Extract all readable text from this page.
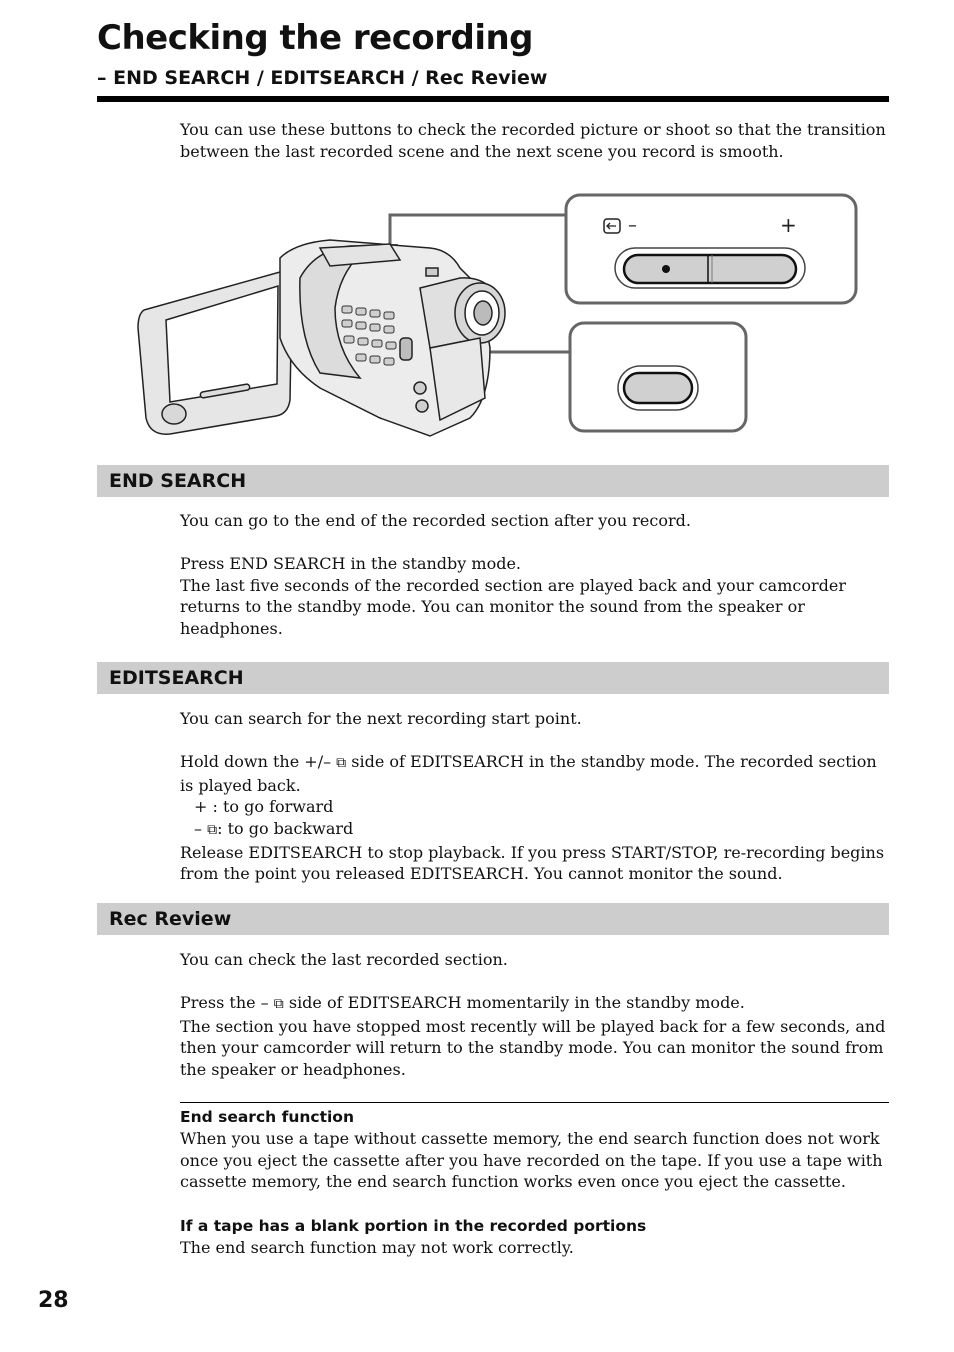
Checking the recording
– END SEARCH / EDITSEARCH / Rec Review

You can use these buttons to check the recorded picture or shoot so that the transition between the last recorded scene and the next scene you record is smooth.

–	+
END SEARCH

You can go to the end of the recorded section after you record.

Press END SEARCH in the standby mode.

The last five seconds of the recorded section are played back and your camcorder returns to the standby mode. You can monitor the sound from the speaker or headphones.

EDITSEARCH

You can search for the next recording start point.

Hold down the +/– ⧉ side of EDITSEARCH in the standby mode. The recorded section is played back.

+ : to go forward

– ⧉: to go backward

Release EDITSEARCH to stop playback. If you press START/STOP, re-recording begins from the point you released EDITSEARCH. You cannot monitor the sound.

Rec Review

You can check the last recorded section.

Press the – ⧉ side of EDITSEARCH momentarily in the standby mode.

The section you have stopped most recently will be played back for a few seconds, and then your camcorder will return to the standby mode. You can monitor the sound from the speaker or headphones.

End search function

When you use a tape without cassette memory, the end search function does not work once you eject the cassette after you have recorded on the tape. If you use a tape with cassette memory, the end search function works even once you eject the cassette.

If a tape has a blank portion in the recorded portions

The end search function may not work correctly.

28
